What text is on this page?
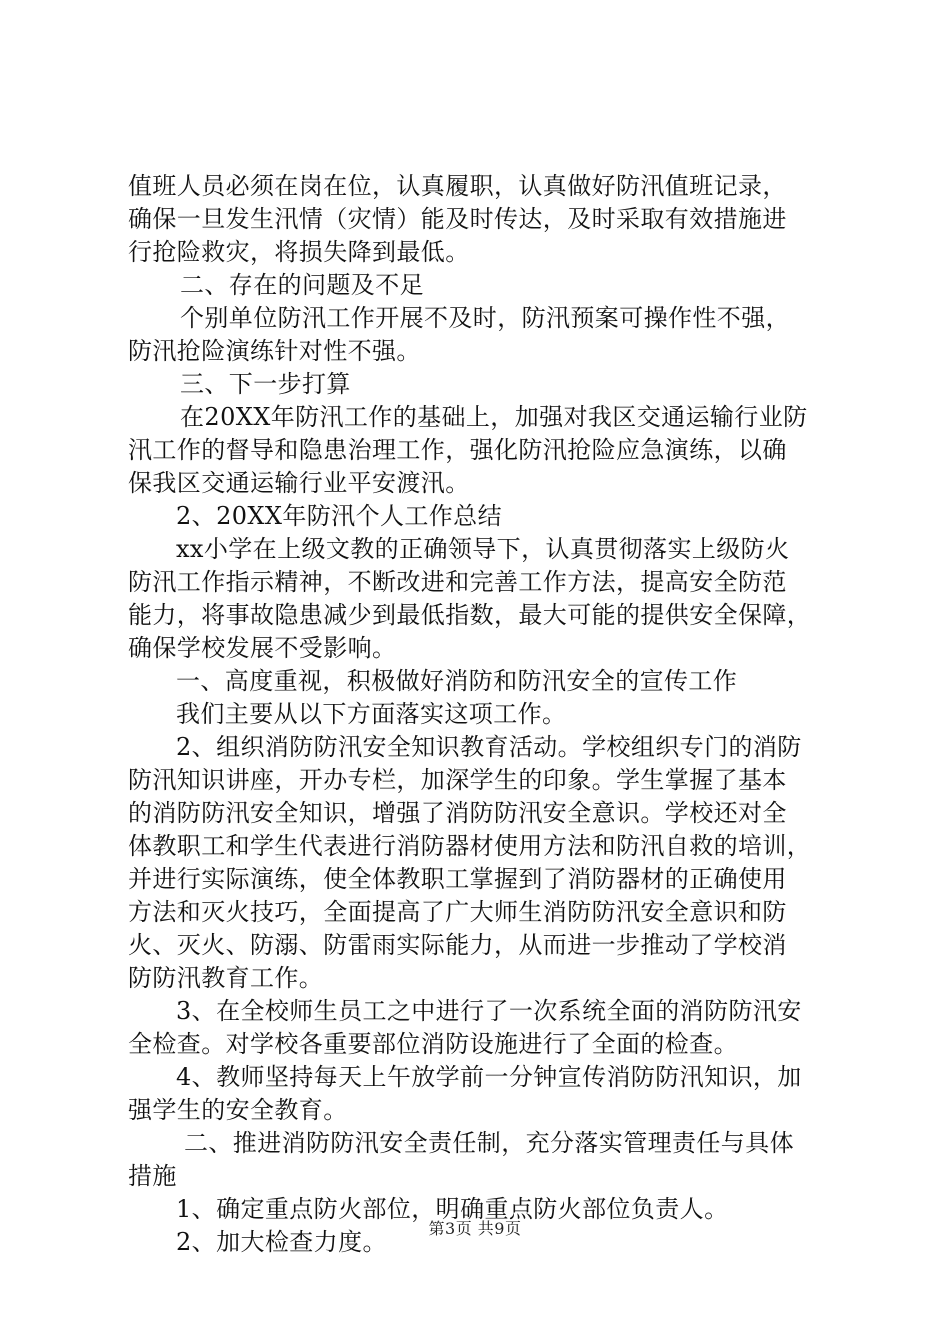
值班人员必须在岗在位，认真履职，认真做好防汛值班记录，
确保一旦发生汛情（灾情）能及时传达，及时采取有效措施进
行抢险救灾，将损失降到最低。
二、存在的问题及不足
个别单位防汛工作开展不及时，防汛预案可操作性不强，
防汛抢险演练针对性不强。
三、下一步打算
在20XX年防汛工作的基础上，加强对我区交通运输行业防
汛工作的督导和隐患治理工作，强化防汛抢险应急演练，以确
保我区交通运输行业平安渡汛。
2、20XX年防汛个人工作总结
xx小学在上级文教的正确领导下，认真贯彻落实上级防火
防汛工作指示精神，不断改进和完善工作方法，提高安全防范
能力，将事故隐患减少到最低指数，最大可能的提供安全保障，
确保学校发展不受影响。
一、高度重视，积极做好消防和防汛安全的宣传工作
我们主要从以下方面落实这项工作。
2、组织消防防汛安全知识教育活动。学校组织专门的消防
防汛知识讲座，开办专栏，加深学生的印象。学生掌握了基本
的消防防汛安全知识，增强了消防防汛安全意识。学校还对全
体教职工和学生代表进行消防器材使用方法和防汛自救的培训，
并进行实际演练，使全体教职工掌握到了消防器材的正确使用
方法和灭火技巧，全面提高了广大师生消防防汛安全意识和防
火、灭火、防溺、防雷雨实际能力，从而进一步推动了学校消
防防汛教育工作。
3、在全校师生员工之中进行了一次系统全面的消防防汛安
全检查。对学校各重要部位消防设施进行了全面的检查。
4、教师坚持每天上午放学前一分钟宣传消防防汛知识，加
强学生的安全教育。
二、推进消防防汛安全责任制，充分落实管理责任与具体
措施
1、确定重点防火部位，明确重点防火部位负责人。
2、加大检查力度。	第3页 共9页
